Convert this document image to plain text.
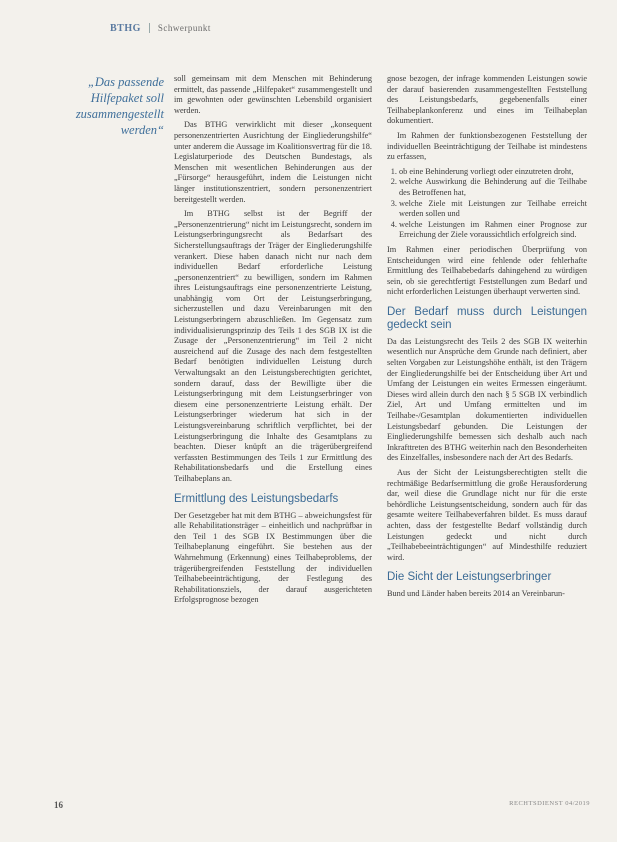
BTHG Schwerpunkt
„Das passende Hilfepaket soll zusammengestellt werden“

soll gemeinsam mit dem Menschen mit Behinderung ermittelt, das passende „Hilfepaket“ zusammengestellt und im gewohnten oder gewünschten Lebensbild organisiert werden.

Das BTHG verwirklicht mit dieser „konsequent personenzentrierten Ausrichtung der Eingliederungshilfe“ unter anderem die Aussage im Koalitionsvertrag für die 18. Legislaturperiode des Deutschen Bundestags, als Menschen mit wesentlichen Behinderungen aus der „Fürsorge“ herausgeführt, indem die Leistungen nicht länger institutionszentriert, sondern personenzentriert bereitgestellt werden.

Im BTHG selbst ist der Begriff der „Personenzentrierung“ nicht im Leistungsrecht, sondern im Leistungserbringungsrecht als Bedarfsart des Sicherstellungsauftrags der Träger der Eingliederungshilfe verankert. Diese haben danach nicht nur nach dem individuellen Bedarf erforderliche Leistung „personenzentriert“ zu bewilligen, sondern im Rahmen ihres Leistungsauftrags eine personenzentrierte Leistung, unabhängig vom Ort der Leistungserbringung, sicherzustellen und dazu Vereinbarungen mit den Leistungserbringern abzuschließen. Im Gegensatz zum individualisierungsprinzip des Teils 1 des SGB IX ist die Zusage der „Personenzentrierung“ im Teil 2 nicht ausreichend auf die Zusage des nach dem festgestellten Bedarf benötigten individuellen Leistung durch Verwaltungsakt an den Leistungsberechtigten gerichtet, sondern darauf, dass der Bewilligte über die Leistungserbringung mit dem Leistungserbringer von diesem eine personenzentrierte Leistung erhält. Der Leistungserbringer wiederum hat sich in der Leistungsvereinbarung schriftlich verpflichtet, bei der Leistungserbringung die Inhalte des Gesamtplans zu beachten. Dieser knüpft an die trägerübergreifend verfassten Bestimmungen des Teils 1 zur Ermittlung des Rehabilitationsbedarfs und die Erstellung eines Teilhabeplans an.

Ermittlung des Leistungsbedarfs

Der Gesetzgeber hat mit dem BTHG – abweichungsfest für alle Rehabilitationsträger – einheitlich und nachprüfbar in den Teil 1 des SGB IX Bestimmungen über die Teilhabeplanung eingeführt. Sie bestehen aus der Wahrnehmung (Erkennung) eines Teilhabeproblems, der trägerübergreifenden Feststellung der individuellen Teilhabebeeinträchtigung, der Festlegung des Rehabilitationsziels, der darauf ausgerichteten Erfolgsprognose bezogen

gnose bezogen, der infrage kommenden Leistungen sowie der darauf basierenden zusammengestellten Feststellung des Leistungsbedarfs, gegebenenfalls einer Teilhabeplankonferenz und eines im Teilhabeplan dokumentiert.

Im Rahmen der funktionsbezogenen Feststellung der individuellen Beeinträchtigung der Teilhabe ist mindestens zu erfassen,

1. ob eine Behinderung vorliegt oder einzutreten droht,
2. welche Auswirkung die Behinderung auf die Teilhabe des Betroffenen hat,
3. welche Ziele mit Leistungen zur Teilhabe erreicht werden sollen und
4. welche Leistungen im Rahmen einer Prognose zur Erreichung der Ziele voraussichtlich erfolgreich sind.

Im Rahmen einer periodischen Überprüfung von Entscheidungen wird eine fehlende oder fehlerhafte Ermittlung des Teilhabebedarfs dahingehend zu würdigen sein, ob sie gerechtfertigt Feststellungen zum Bedarf und nicht erforderlichen Leistungen überhaupt verwerten sind.

Der Bedarf muss durch Leistungen gedeckt sein

Da das Leistungsrecht des Teils 2 des SGB IX weiterhin wesentlich nur Ansprüche dem Grunde nach definiert, aber selten Vorgaben zur Leistungshöhe enthält, ist den Trägern der Eingliederungshilfe bei der Entscheidung über Art und Umfang der Leistungen ein weites Ermessen eingeräumt. Dieses wird allein durch den nach § 5 SGB IX verbindlich Ziel, Art und Umfang ermittelten und im Teilhabe-/Gesamtplan dokumentierten individuellen Leistungsbedarf gebunden. Die Leistungen der Eingliederungshilfe bemessen sich deshalb auch nach Inkrafttreten des BTHG weiterhin nach den Besonderheiten des Einzelfalles, insbesondere nach der Art des Bedarfs.

Aus der Sicht der Leistungsberechtigten stellt die rechtmäßige Bedarfsermittlung die große Herausforderung dar, weil diese die Grundlage nicht nur für die erste behördliche Leistungsentscheidung, sondern auch für das gesamte weitere Teilhabeverfahren bildet. Es muss darauf achten, dass der festgestellte Bedarf vollständig durch Leistungen gedeckt und nicht durch „Teilhabebeeinträchtigungen“ auf Mindesthilfe reduziert wird.

Die Sicht der Leistungserbringer

Bund und Länder haben bereits 2014 an Vereinbarun-

16	RECHTSDIENST 04/2019
